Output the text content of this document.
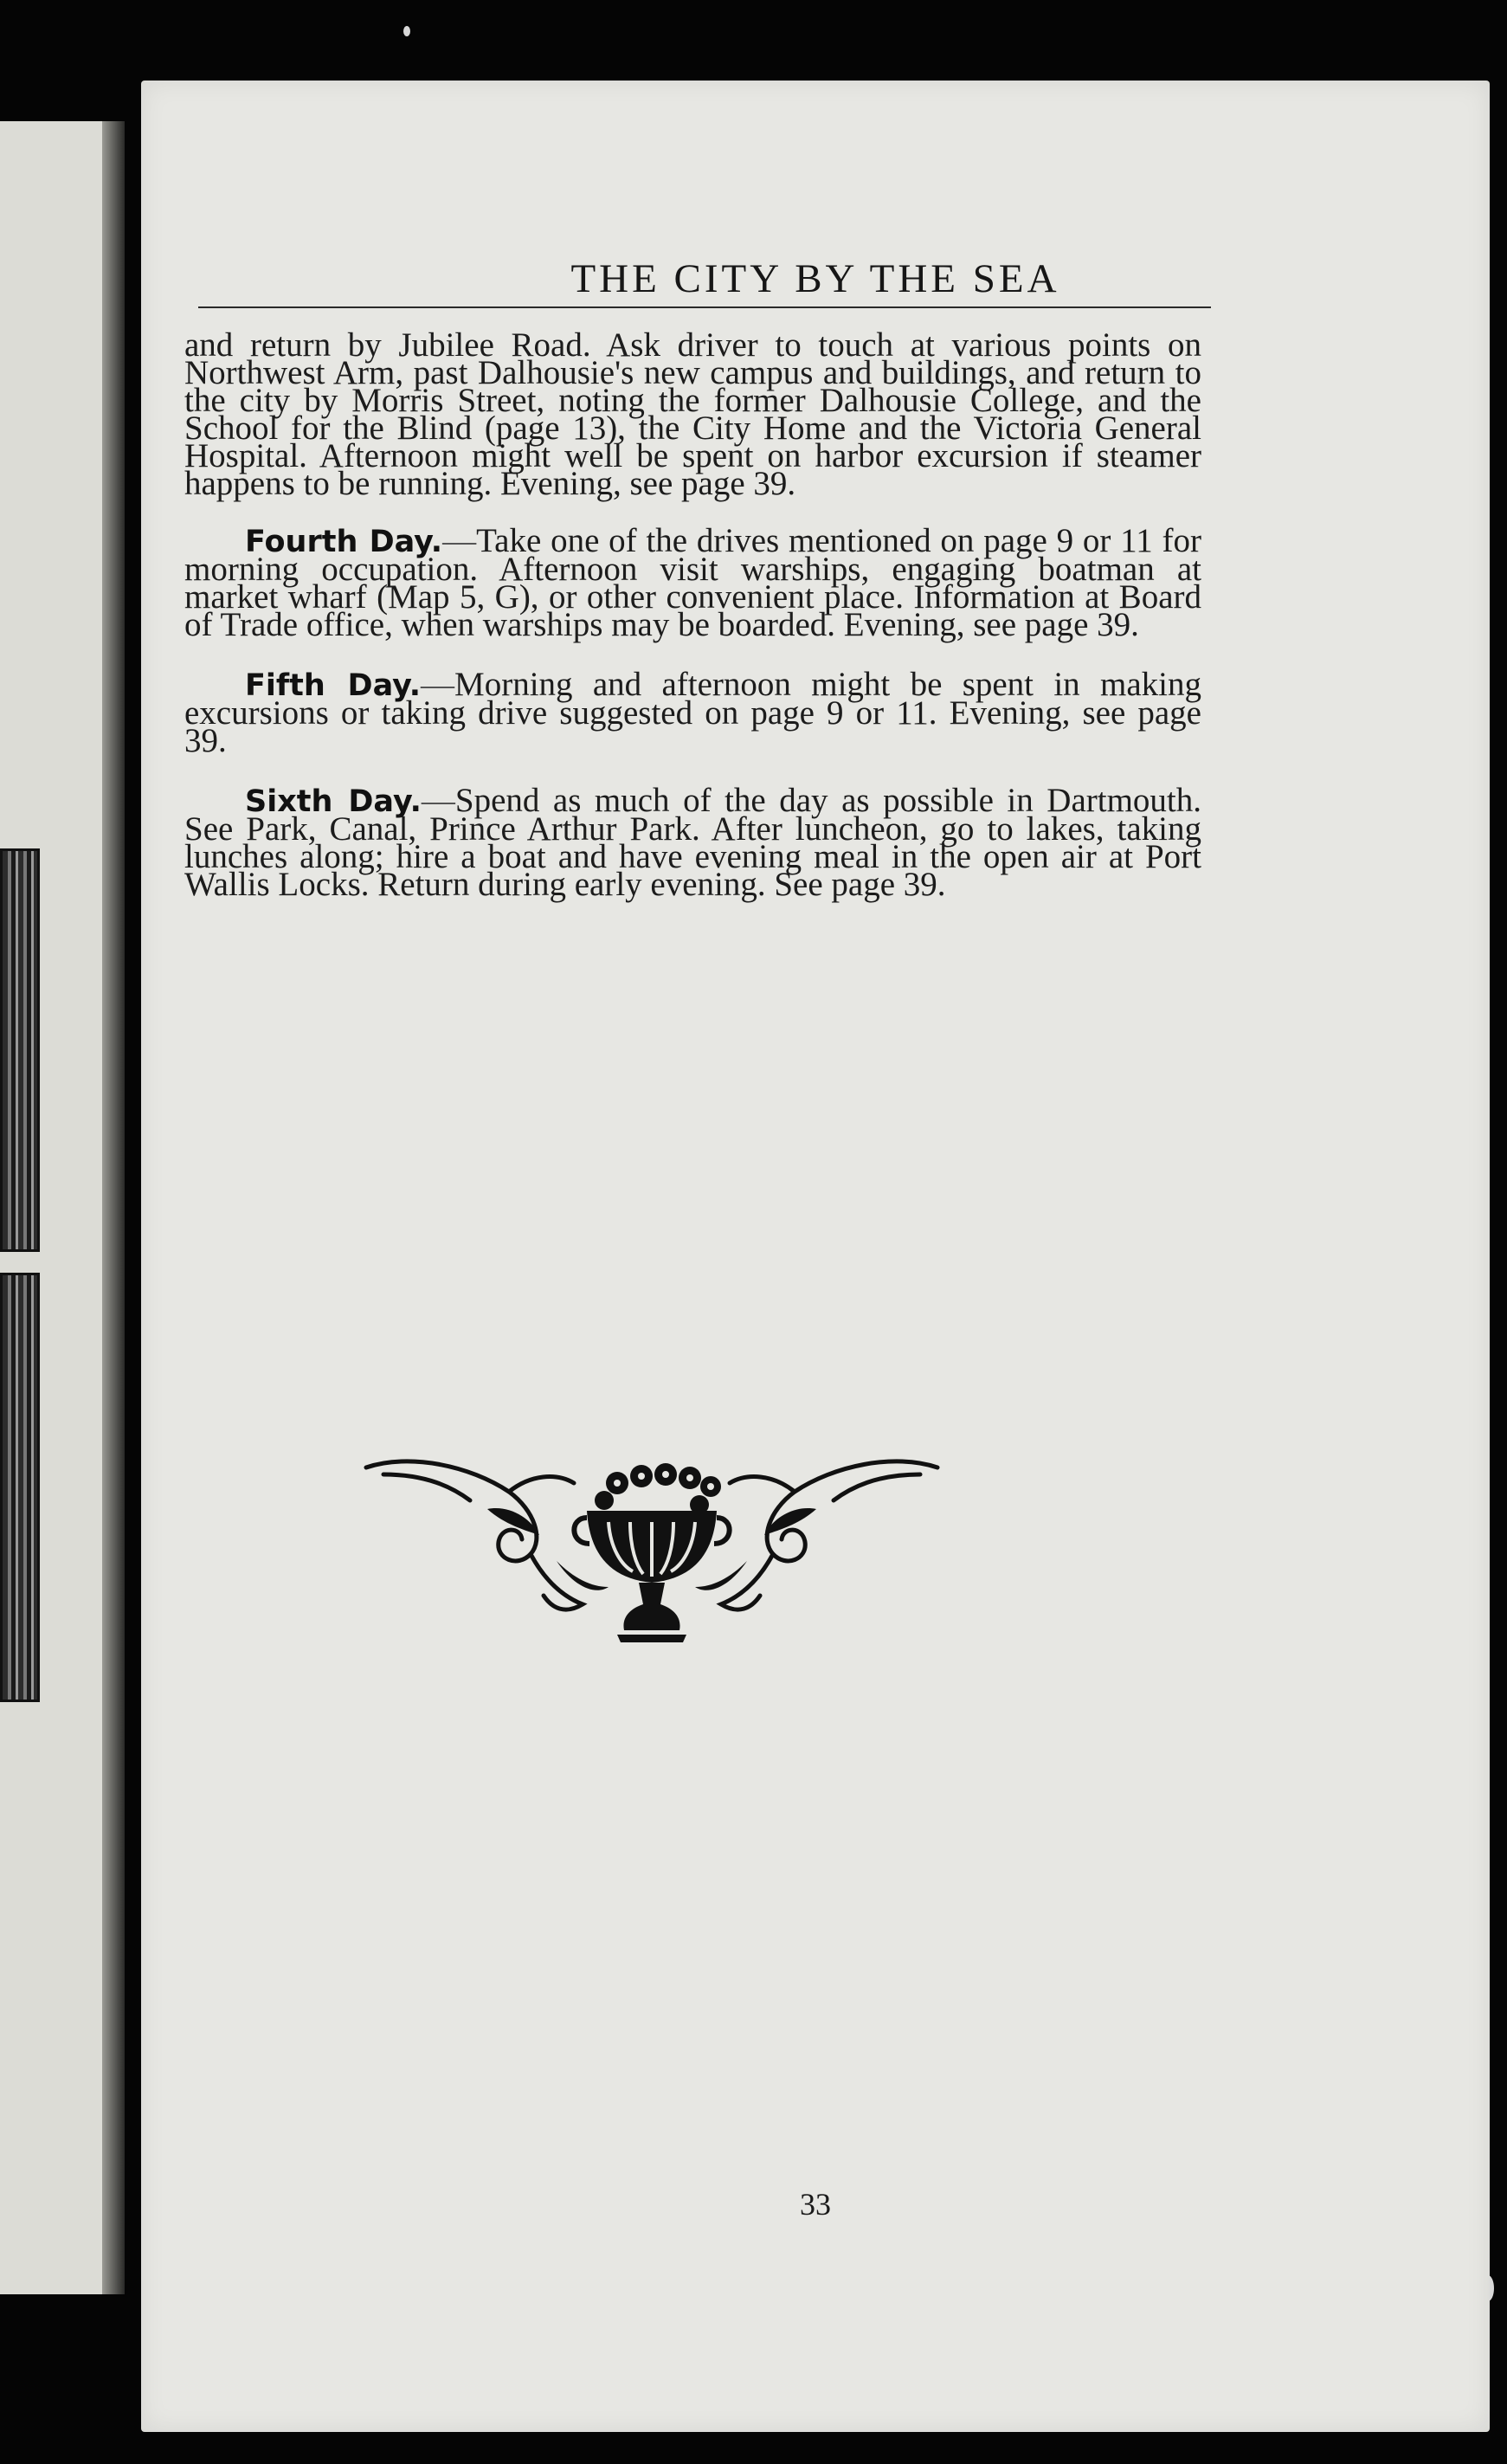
THE CITY BY THE SEA

and return by Jubilee Road. Ask driver to touch at various points on Northwest Arm, past Dalhousie's new campus and buildings, and return to the city by Morris Street, noting the former Dalhousie College, and the School for the Blind (page 13), the City Home and the Victoria General Hospital. Afternoon might well be spent on harbor excursion if steamer happens to be running. Evening, see page 39.

Fourth Day.—Take one of the drives mentioned on page 9 or 11 for morning occupation. Afternoon visit warships, engaging boatman at market wharf (Map 5, G), or other convenient place. Information at Board of Trade office, when warships may be boarded. Evening, see page 39.

Fifth Day.—Morning and afternoon might be spent in making excursions or taking drive suggested on page 9 or 11. Evening, see page 39.

Sixth Day.—Spend as much of the day as possible in Dartmouth. See Park, Canal, Prince Arthur Park. After luncheon, go to lakes, taking lunches along; hire a boat and have evening meal in the open air at Port Wallis Locks. Return during early evening. See page 39.

33
